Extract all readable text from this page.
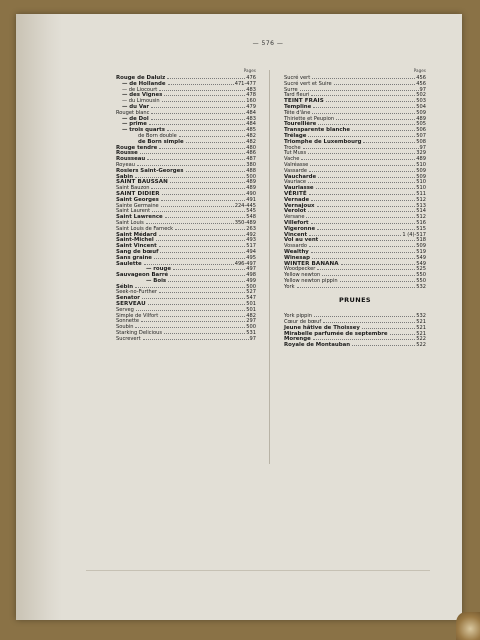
— 576 —
Pages
Rouge de Daluiz	476
— de Hollande	471-477
— de Liocourt	483
— des Vignes	478
— du Limousin	160
— du Var	479
Rouget blanc	484
— de Dol	483
— prime	484
— trois quarts	485
de Born double	482
de Born simple	482
Rouge tendre	480
Rousse	486
Rousseau	487
Royeau	380
Rosiers Saint-Georges	488
Sabin	500
SAINT BAUSSAN	489
Saint Bauzon	489
SAINT DIDIER	490
Saint Georges	491
Sainte Germaine	224-445
Saint Laurent	545
Saint Lawrence	548
Saint Louis	350-489
Saint Louis de Farneck	263
Saint Médard	492
Saint-Michel	493
Saint Vincent	517
Sang de bœuf	494
Sans graine	495
Saulette	496-497
— rouge	497
Sauvageon Barré	498
— Bois	499
Sébin	500
Seek-no-Further	527
Senator	547
SERVEAU	501
Serveg	501
Simple de Vilfort	482
Sonnette	297
Soubin	500
Starking Delicious	531
Sucrevert	97
Pages
Sucré vert	456
Sucré vert et Suire	456
Surre	97
Tard fleuri	502
TEINT FRAIS	503
Templine	504
Tête d'âne	509
Thiriette et Peupion	489
Tourellière	505
Transparente blanche	506
Trélage	507
Triomphe de Luxembourg	508
Troche	97
Tut Muss	329
Vache	489
Valréasse	510
Vassarde	509
Vaucharde	509
Vauriace	510
Vauriasse	510
VÉRITÉ	511
Vernade	512
Vernajoux	513
Verolot	514
Versane	512
Villefort	516
Vigeronne	515
Vincent	1 (4)-517
Vol au vent	518
Vossardo	509
Wealthy	519
Winesap	549
WINTER BANANA	549
Woodpecker	525
Yellow newton	550
Yellow newton pippin	550
York	532
PRUNES
York pippin	532
Cœur de bœuf	521
Jeune hâtive de Thoissey	521
Mirabelle parfumée de septembre	521
Morenge	522
Royale de Montauban	522
